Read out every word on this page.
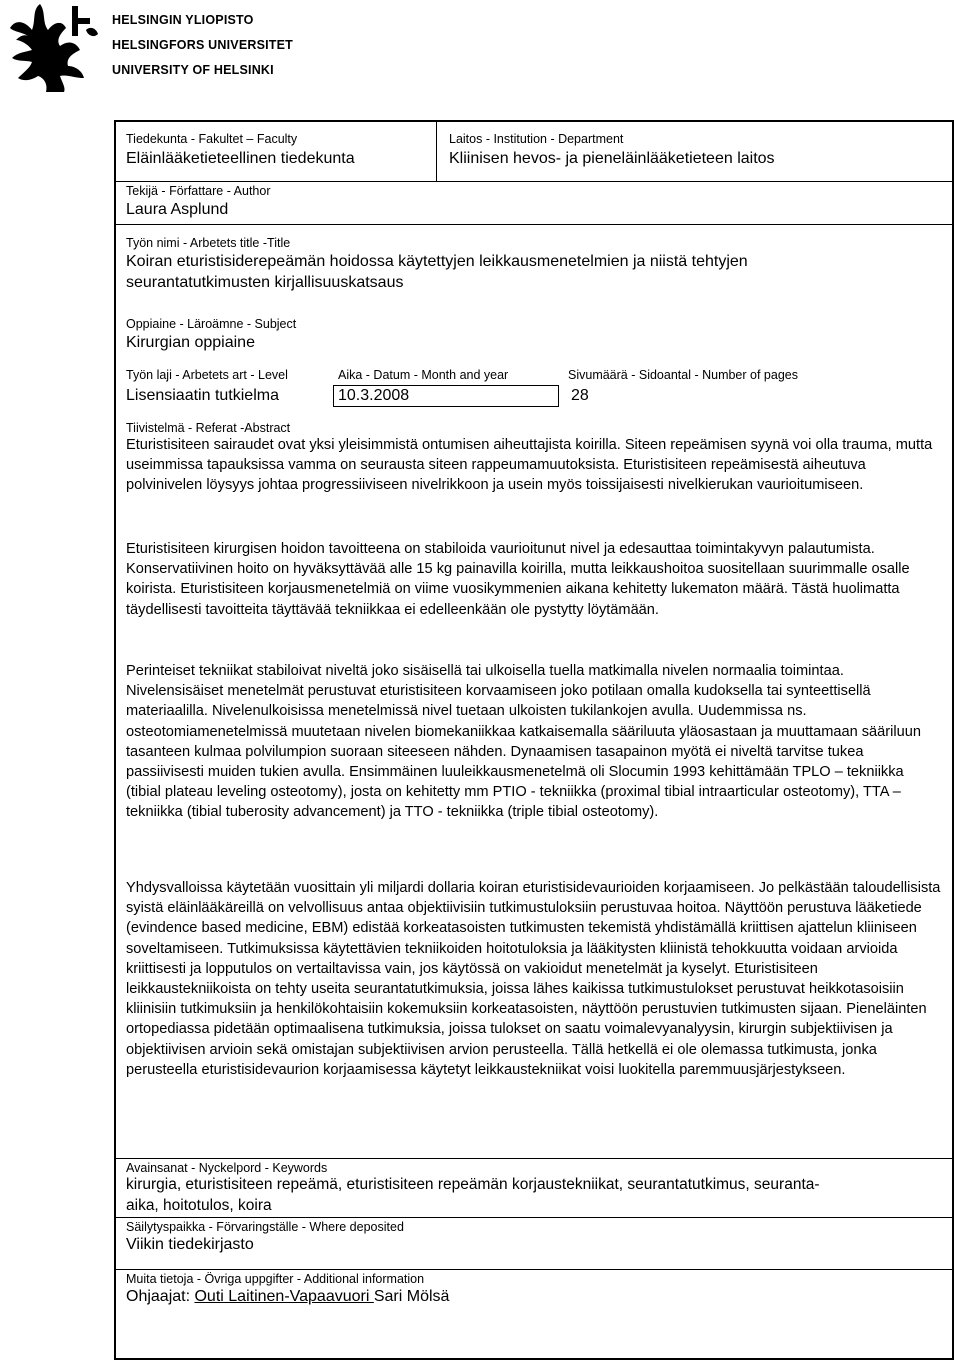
HELSINGIN YLIOPISTO
HELSINGFORS UNIVERSITET
UNIVERSITY OF HELSINKI
Tiedekunta - Fakultet – Faculty
Eläinlääketieteellinen tiedekunta
Laitos - Institution - Department
Kliinisen hevos- ja pieneläinlääketieteen laitos
Tekijä - Författare - Author
Laura Asplund
Työn nimi - Arbetets title -Title
Koiran eturistisiderepeämän hoidossa käytettyjen leikkausmenetelmien ja niistä tehtyjen
seurantatutkimusten kirjallisuuskatsaus
Oppiaine - Läroämne - Subject
Kirurgian oppiaine
Työn laji - Arbetets art - Level
Lisensiaatin tutkielma
Aika - Datum - Month and year
10.3.2008
Sivumäärä - Sidoantal - Number of pages
28
Tiivistelmä - Referat -Abstract
Eturistisiteen sairaudet ovat yksi yleisimmistä ontumisen aiheuttajista koirilla. Siteen repeämisen syynä voi olla trauma, mutta useimmissa tapauksissa vamma on seurausta siteen rappeumamuutoksista. Eturistisiteen repeämisestä aiheutuva polvinivelen löysyys johtaa progressiiviseen nivelrikkoon ja usein myös toissijaisesti nivelkierukan vaurioitumiseen.
Eturistisiteen kirurgisen hoidon tavoitteena on stabiloida vaurioitunut nivel ja edesauttaa toimintakyvyn palautumista. Konservatiivinen hoito on hyväksyttävää alle 15 kg painavilla koirilla, mutta leikkaushoitoa suositellaan suurimmalle osalle koirista. Eturistisiteen korjausmenetelmiä on viime vuosikymmenien aikana kehitetty lukematon määrä. Tästä huolimatta täydellisesti tavoitteita täyttävää tekniikkaa ei edelleenkään ole pystytty löytämään.
Perinteiset tekniikat stabiloivat niveltä joko sisäisellä tai ulkoisella tuella matkimalla nivelen normaalia toimintaa. Nivelensisäiset menetelmät perustuvat eturistisiteen korvaamiseen joko potilaan omalla kudoksella tai synteettisellä materiaalilla. Nivelenulkoisissa menetelmissä nivel tuetaan ulkoisten tukilankojen avulla. Uudemmissa ns. osteotomiamenetelmissä muutetaan nivelen biomekaniikkaa katkaisemalla sääriluuta yläosastaan ja muuttamaan sääriluun tasanteen kulmaa polvilumpion suoraan siteeseen nähden. Dynaamisen tasapainon myötä ei niveltä tarvitse tukea passiivisesti muiden tukien avulla. Ensimmäinen luuleikkausmenetelmä oli Slocumin 1993 kehittämään TPLO – tekniikka (tibial plateau leveling osteotomy), josta on kehitetty mm PTIO - tekniikka (proximal tibial intraarticular osteotomy), TTA – tekniikka (tibial tuberosity advancement) ja TTO - tekniikka (triple tibial osteotomy).
Yhdysvalloissa käytetään vuosittain yli miljardi dollaria koiran eturistisidevaurioiden korjaamiseen. Jo pelkästään taloudellisista syistä eläinlääkäreillä on velvollisuus antaa objektiivisiin tutkimustuloksiin perustuvaa hoitoa. Näyttöön perustuva lääketiede (evindence based medicine, EBM) edistää korkeatasoisten tutkimusten tekemistä yhdistämällä kriittisen ajattelun kliiniseen soveltamiseen. Tutkimuksissa käytettävien tekniikoiden hoitotuloksia ja lääkitysten kliinistä tehokkuutta voidaan arvioida kriittisesti ja lopputulos on vertailtavissa vain, jos käytössä on vakioidut menetelmät ja kyselyt. Eturistisiteen leikkaustekniikoista on tehty useita seurantatutkimuksia, joissa lähes kaikissa tutkimustulokset perustuvat heikkotasoisiin kliinisiin tutkimuksiin ja henkilökohtaisiin kokemuksiin korkeatasoisten, näyttöön perustuvien tutkimusten sijaan. Pieneläinten ortopediassa pidetään optimaalisena tutkimuksia, joissa tulokset on saatu voimalevyanalyysin, kirurgin subjektiivisen ja objektiivisen arvioin sekä omistajan subjektiivisen arvion perusteella. Tällä hetkellä ei ole olemassa tutkimusta, jonka perusteella eturistisidevaurion korjaamisessa käytetyt leikkaustekniikat voisi luokitella paremmuusjärjestykseen.
Avainsanat - Nyckelpord - Keywords
kirurgia, eturistisiteen repeämä, eturistisiteen repeämän korjaustekniikat, seurantatutkimus, seuranta-
aika, hoitotulos, koira
Säilytyspaikka - Förvaringställe - Where deposited
Viikin tiedekirjasto
Muita tietoja - Övriga uppgifter - Additional information
Ohjaajat: Outi Laitinen-Vapaavuori Sari Mölsä
